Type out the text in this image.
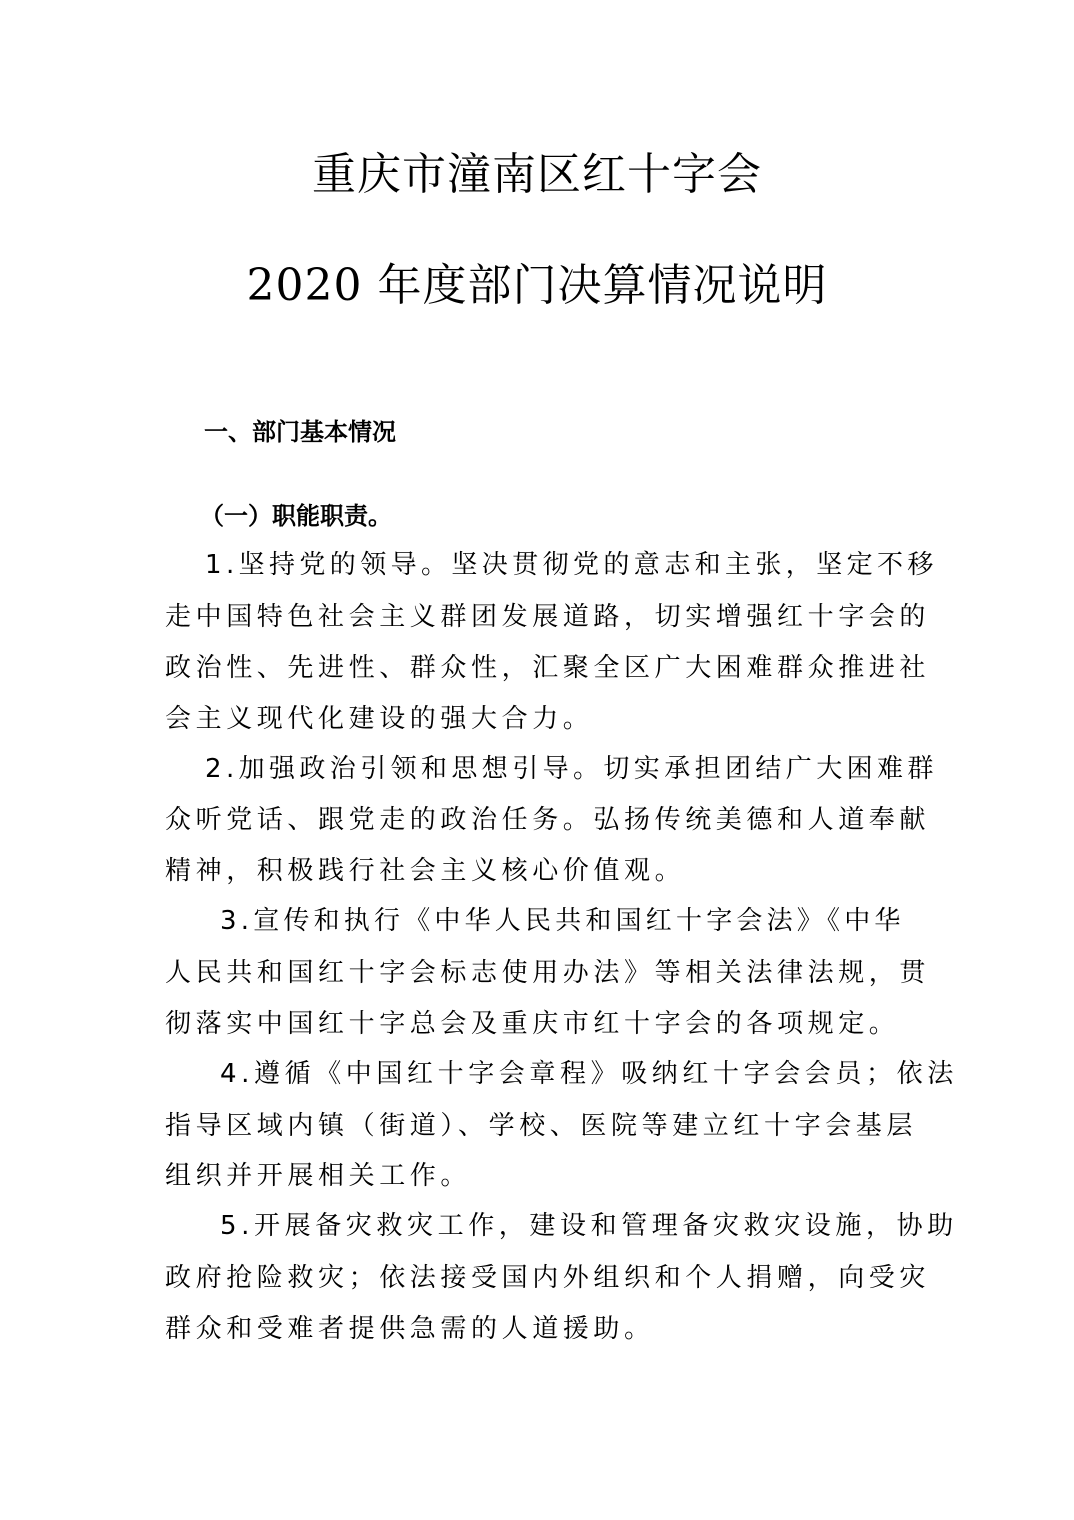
重庆市潼南区红十字会
2020 年度部门决算情况说明
一、部门基本情况
（一）职能职责。
1.坚持党的领导。坚决贯彻党的意志和主张，坚定不移
走中国特色社会主义群团发展道路，切实增强红十字会的
政治性、先进性、群众性，汇聚全区广大困难群众推进社
会主义现代化建设的强大合力。
2.加强政治引领和思想引导。切实承担团结广大困难群
众听党话、跟党走的政治任务。弘扬传统美德和人道奉献
精神，积极践行社会主义核心价值观。
3.宣传和执行《中华人民共和国红十字会法》《中华
人民共和国红十字会标志使用办法》等相关法律法规，贯
彻落实中国红十字总会及重庆市红十字会的各项规定。
4.遵循《中国红十字会章程》吸纳红十字会会员；依法
指导区域内镇（街道）、学校、医院等建立红十字会基层
组织并开展相关工作。
5.开展备灾救灾工作，建设和管理备灾救灾设施，协助
政府抢险救灾；依法接受国内外组织和个人捐赠，向受灾
群众和受难者提供急需的人道援助。
